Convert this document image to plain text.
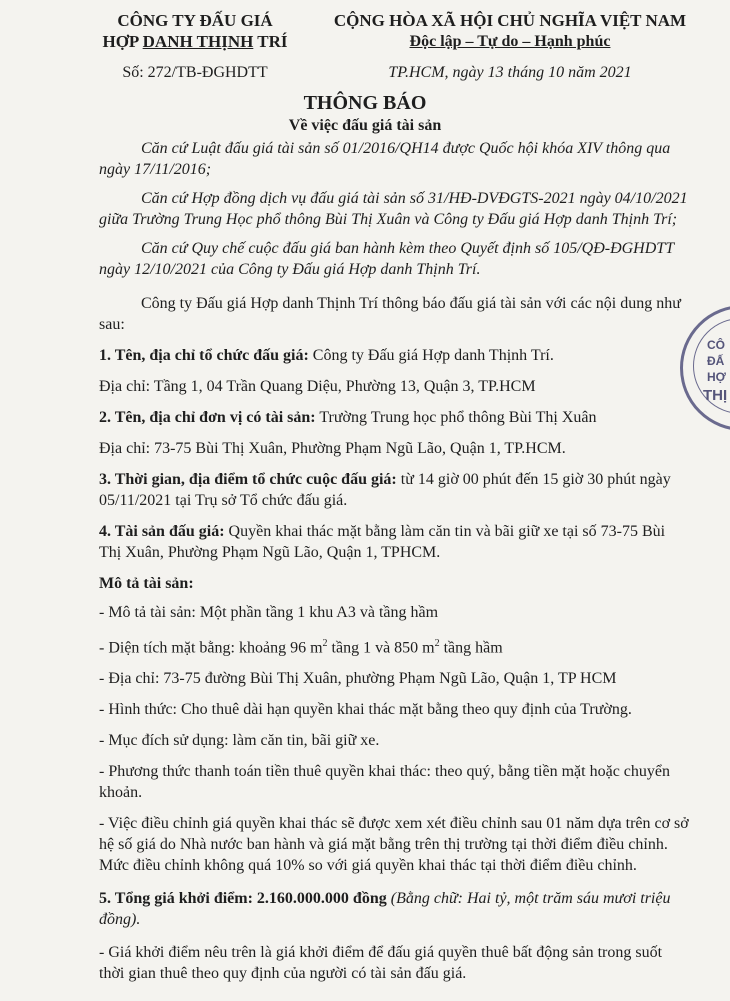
CÔNG TY ĐẤU GIÁ
HỢP DANH THỊNH TRÍ
Số: 272/TB-ĐGHDTT
CỘNG HÒA XÃ HỘI CHỦ NGHĨA VIỆT NAM
Độc lập – Tự do – Hạnh phúc
TP.HCM, ngày 13 tháng 10 năm 2021
THÔNG BÁO
Về việc đấu giá tài sản

Căn cứ Luật đấu giá tài sản số 01/2016/QH14 được Quốc hội khóa XIV thông qua ngày 17/11/2016;

Căn cứ Hợp đồng dịch vụ đấu giá tài sản số 31/HĐ-DVĐGTS-2021 ngày 04/10/2021 giữa Trường Trung Học phổ thông Bùi Thị Xuân và Công ty Đấu giá Hợp danh Thịnh Trí;

Căn cứ Quy chế cuộc đấu giá ban hành kèm theo Quyết định số 105/QĐ-ĐGHDTT ngày 12/10/2021 của Công ty Đấu giá Hợp danh Thịnh Trí.

Công ty Đấu giá Hợp danh Thịnh Trí thông báo đấu giá tài sản với các nội dung như sau:

1. Tên, địa chỉ tổ chức đấu giá: Công ty Đấu giá Hợp danh Thịnh Trí.

Địa chỉ: Tầng 1, 04 Trần Quang Diệu, Phường 13, Quận 3, TP.HCM

2. Tên, địa chỉ đơn vị có tài sản: Trường Trung học phổ thông Bùi Thị Xuân

Địa chỉ: 73-75 Bùi Thị Xuân, Phường Phạm Ngũ Lão, Quận 1, TP.HCM.

3. Thời gian, địa điểm tổ chức cuộc đấu giá: từ 14 giờ 00 phút đến 15 giờ 30 phút ngày 05/11/2021 tại Trụ sở Tổ chức đấu giá.

4. Tài sản đấu giá: Quyền khai thác mặt bằng làm căn tin và bãi giữ xe tại số 73-75 Bùi Thị Xuân, Phường Phạm Ngũ Lão, Quận 1, TPHCM.

Mô tả tài sản:

- Mô tả tài sản: Một phần tầng 1 khu A3 và tầng hầm

- Diện tích mặt bằng: khoảng 96 $m^2$ tầng 1 và 850 $m^2$ tầng hầm

- Địa chỉ: 73-75 đường Bùi Thị Xuân, phường Phạm Ngũ Lão, Quận 1, TP HCM

- Hình thức: Cho thuê dài hạn quyền khai thác mặt bằng theo quy định của Trường.

- Mục đích sử dụng: làm căn tin, bãi giữ xe.

- Phương thức thanh toán tiền thuê quyền khai thác: theo quý, bằng tiền mặt hoặc chuyển khoản.

- Việc điều chỉnh giá quyền khai thác sẽ được xem xét điều chỉnh sau 01 năm dựa trên cơ sở hệ số giá do Nhà nước ban hành và giá mặt bằng trên thị trường tại thời điểm điều chỉnh. Mức điều chỉnh không quá 10% so với giá quyền khai thác tại thời điểm điều chỉnh.

5. Tổng giá khởi điểm: 2.160.000.000 đồng (Bằng chữ: Hai tỷ, một trăm sáu mươi triệu đồng).

- Giá khởi điểm nêu trên là giá khởi điểm để đấu giá quyền thuê bất động sản trong suốt thời gian thuê theo quy định của người có tài sản đấu giá.

CÔ
ĐẤ
HỢ
THỊ
